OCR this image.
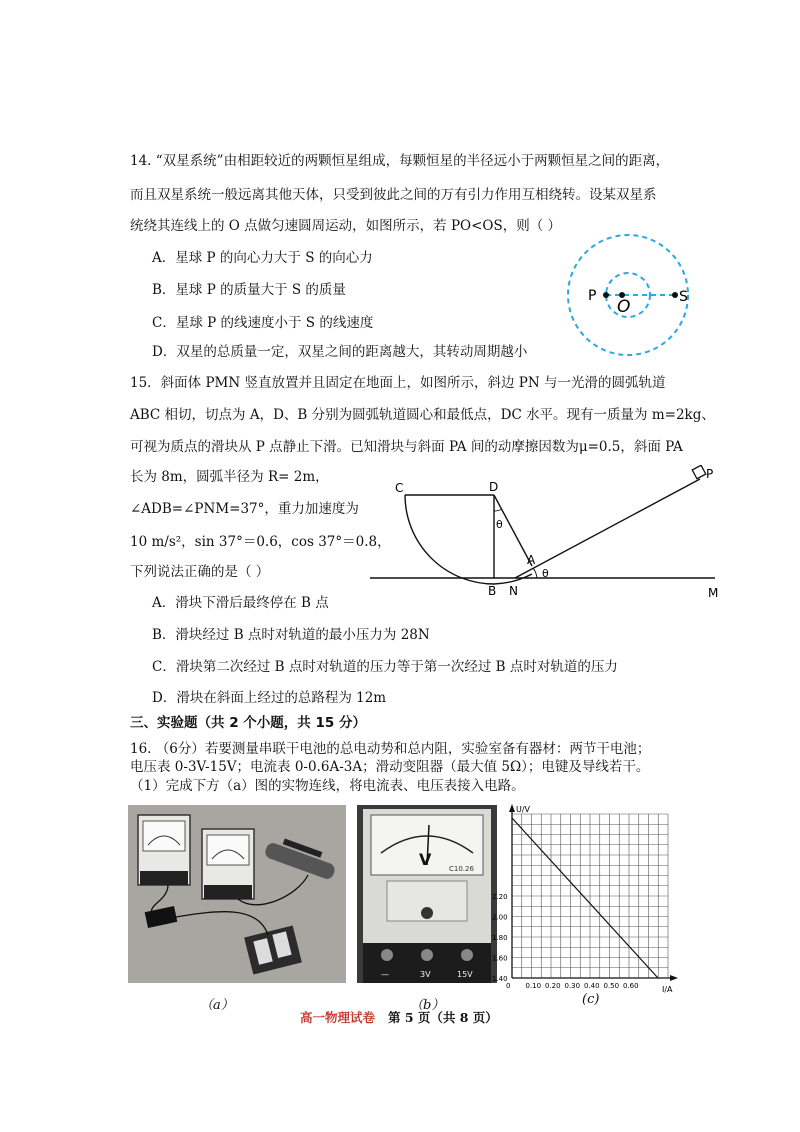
14. “双星系统”由相距较近的两颗恒星组成，每颗恒星的半径远小于两颗恒星之间的距离，
而且双星系统一般远离其他天体，只受到彼此之间的万有引力作用互相绕转。设某双星系
统绕其连线上的 O 点做匀速圆周运动，如图所示，若 PO<OS，则（ ）
A．星球 P 的向心力大于 S 的向心力
B．星球 P 的质量大于 S 的质量
C．星球 P 的线速度小于 S 的线速度
D．双星的总质量一定，双星之间的距离越大，其转动周期越小
P
O	S
15．斜面体 PMN 竖直放置并且固定在地面上，如图所示，斜边 PN 与一光滑的圆弧轨道
ABC 相切，切点为 A，D、B 分别为圆弧轨道圆心和最低点，DC 水平。现有一质量为 m=2kg、
可视为质点的滑块从 P 点静止下滑。已知滑块与斜面 PA 间的动摩擦因数为μ=0.5，斜面 PA
长为 8m，圆弧半径为 R= 2m，
∠ADB=∠PNM=37°，重力加速度为
10 m/s²，sin 37°＝0.6，cos 37°＝0.8，
下列说法正确的是（ ）
A．滑块下滑后最终停在 B 点
B．滑块经过 B 点时对轨道的最小压力为 28N
C．滑块第二次经过 B 点时对轨道的压力等于第一次经过 B 点时对轨道的压力
D．滑块在斜面上经过的总路程为 12m
C	D
θ
A
θ
B N	M
P
三、实验题（共 2 个小题，共 15 分）
16. （6分）若要测量串联干电池的总电动势和总内阻，实验室备有器材：两节干电池；
电压表 0-3V-15V；电流表 0-0.6A-3A；滑动变阻器（最大值 5Ω）；电键及导线若干。
（1）完成下方（a）图的实物连线，将电流表、电压表接入电路。
（a）
V	C10.26
—	3V	15V
（b）
U/V
I/A
2.20
2.00
1.80
1.60
1.40
0 0.10 0.20 0.30 0.40 0.50 0.60
(c)
高一物理试卷 第 5 页（共 8 页）
